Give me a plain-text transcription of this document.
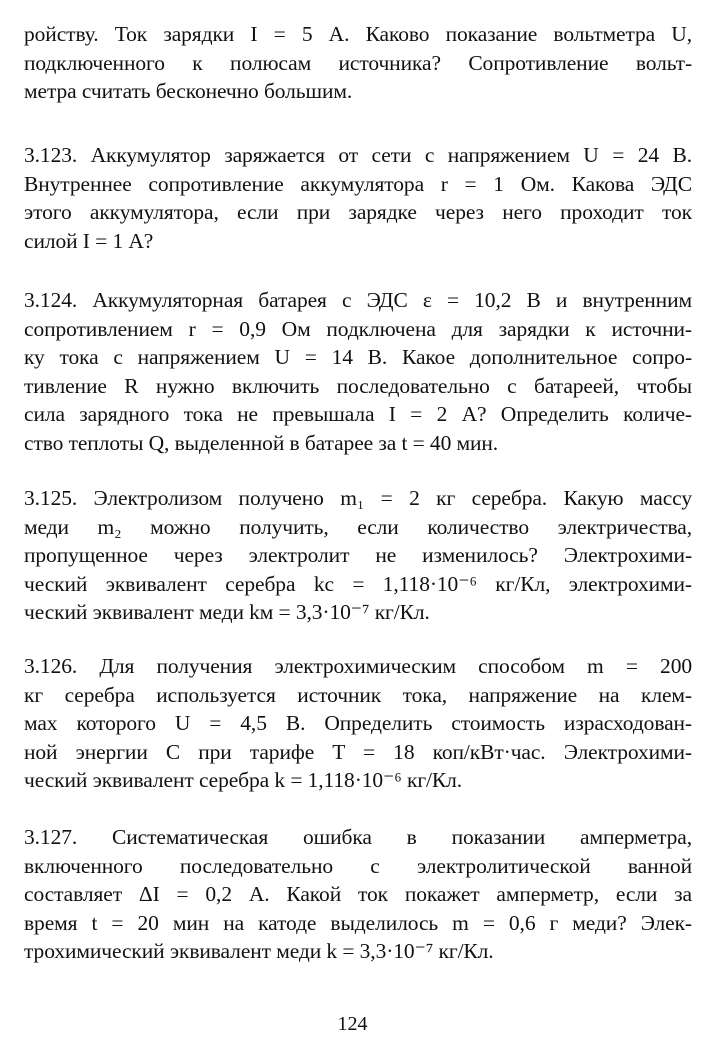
ройству. Ток зарядки I = 5 А. Каково показание вольтметра U,
подключенного к полюсам источника? Сопротивление вольт-
метра считать бесконечно большим.
3.123. Аккумулятор заряжается от сети с напряжением U = 24 В.
Внутреннее сопротивление аккумулятора r = 1 Ом. Какова ЭДС
этого аккумулятора, если при зарядке через него проходит ток
силой I = 1 А?
3.124. Аккумуляторная батарея с ЭДС ε = 10,2 В и внутренним
сопротивлением r = 0,9 Ом подключена для зарядки к источни-
ку тока с напряжением U = 14 В. Какое дополнительное сопро-
тивление R нужно включить последовательно с батареей, чтобы
сила зарядного тока не превышала I = 2 А? Определить количе-
ство теплоты Q, выделенной в батарее за t = 40 мин.
3.125. Электролизом получено m₁ = 2 кг серебра. Какую массу
меди m₂ можно получить, если количество электричества,
пропущенное через электролит не изменилось? Электрохими-
ческий эквивалент серебра kс = 1,118·10⁻⁶ кг/Кл, электрохими-
ческий эквивалент меди kм = 3,3·10⁻⁷ кг/Кл.
3.126. Для получения электрохимическим способом m = 200
кг серебра используется источник тока, напряжение на клем-
мах которого U = 4,5 В. Определить стоимость израсходован-
ной энергии C при тарифе T = 18 коп/кВт·час. Электрохими-
ческий эквивалент серебра k = 1,118·10⁻⁶ кг/Кл.
3.127. Систематическая ошибка в показании амперметра,
включенного последовательно с электролитической ванной
составляет ΔI = 0,2 А. Какой ток покажет амперметр, если за
время t = 20 мин на катоде выделилось m = 0,6 г меди? Элек-
трохимический эквивалент меди k = 3,3·10⁻⁷ кг/Кл.
124
